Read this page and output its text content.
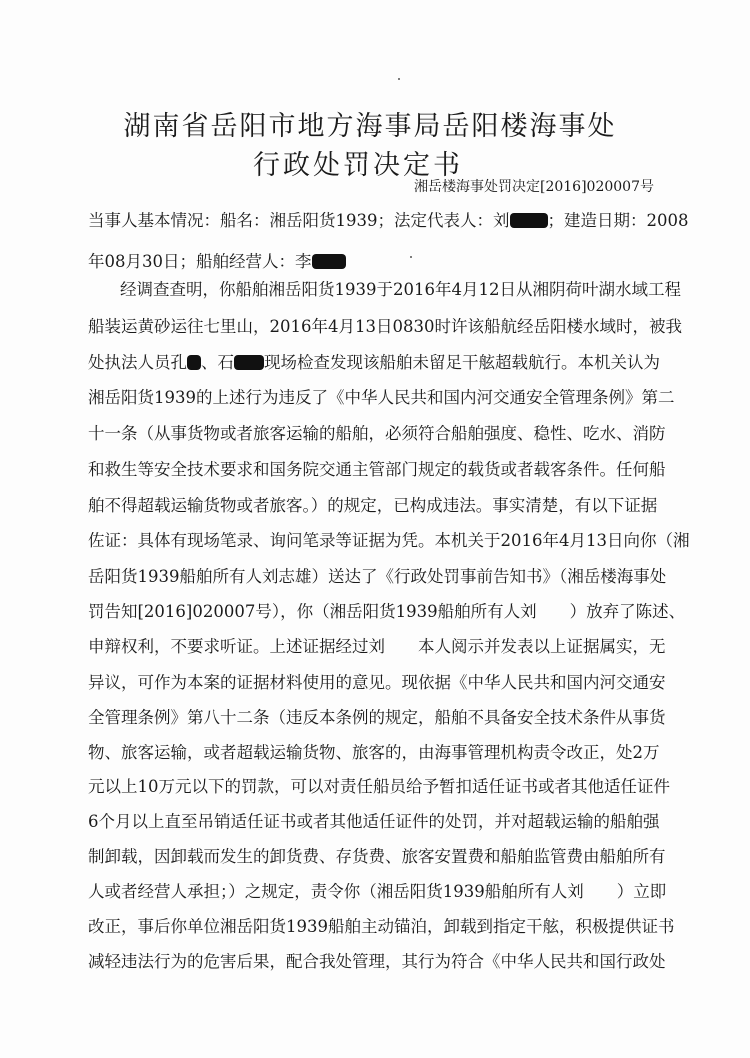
湖南省岳阳市地方海事局岳阳楼海事处
行政处罚决定书
湘岳楼海事处罚决定[2016]020007号
当事人基本情况：船名：湘岳阳货1939；法定代表人：刘 ；建造日期：2008
年08月30日；船舶经营人：李
经调查查明，你船舶湘岳阳货1939于2016年4月12日从湘阴荷叶湖水域工程
船装运黄砂运往七里山，2016年4月13日0830时许该船航经岳阳楼水域时，被我
处执法人员孔 、石 现场检查发现该船舶未留足干舷超载航行。本机关认为
湘岳阳货1939的上述行为违反了《中华人民共和国内河交通安全管理条例》第二
十一条（从事货物或者旅客运输的船舶，必须符合船舶强度、稳性、吃水、消防
和救生等安全技术要求和国务院交通主管部门规定的载货或者载客条件。任何船
舶不得超载运输货物或者旅客。）的规定，已构成违法。事实清楚，有以下证据
佐证：具体有现场笔录、询问笔录等证据为凭。本机关于2016年4月13日向你（湘
岳阳货1939船舶所有人刘志雄）送达了《行政处罚事前告知书》（湘岳楼海事处
罚告知[2016]020007号），你（湘岳阳货1939船舶所有人刘　　）放弃了陈述、
申辩权利，不要求听证。上述证据经过刘　　本人阅示并发表以上证据属实，无
异议，可作为本案的证据材料使用的意见。现依据《中华人民共和国内河交通安
全管理条例》第八十二条（违反本条例的规定，船舶不具备安全技术条件从事货
物、旅客运输，或者超载运输货物、旅客的，由海事管理机构责令改正，处2万
元以上10万元以下的罚款，可以对责任船员给予暂扣适任证书或者其他适任证件
6个月以上直至吊销适任证书或者其他适任证件的处罚，并对超载运输的船舶强
制卸载，因卸载而发生的卸货费、存货费、旅客安置费和船舶监管费由船舶所有
人或者经营人承担；）之规定，责令你（湘岳阳货1939船舶所有人刘　　）立即
改正，事后你单位湘岳阳货1939船舶主动锚泊，卸载到指定干舷，积极提供证书
减轻违法行为的危害后果，配合我处管理，其行为符合《中华人民共和国行政处
